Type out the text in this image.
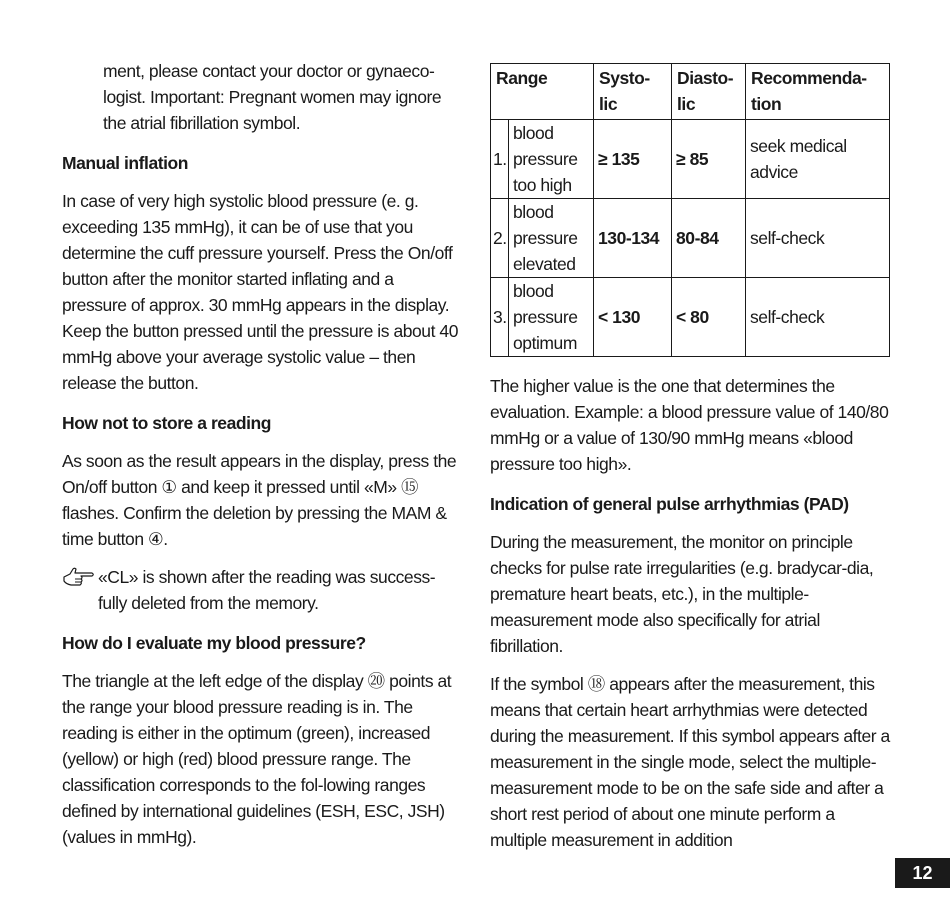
ment, please contact your doctor or gynaeco-logist. Important: Pregnant women may ignore the atrial fibrillation symbol.

Manual inflation

In case of very high systolic blood pressure (e. g. exceeding 135 mmHg), it can be of use that you determine the cuff pressure yourself. Press the On/off button after the monitor started inflating and a pressure of approx. 30 mmHg appears in the display. Keep the button pressed until the pressure is about 40 mmHg above your average systolic value – then release the button.

How not to store a reading

As soon as the result appears in the display, press the On/off button ① and keep it pressed until «M» ⑮ flashes. Confirm the deletion by pressing the MAM & time button ④.

«CL» is shown after the reading was success-fully deleted from the memory.

How do I evaluate my blood pressure?

The triangle at the left edge of the display ⑳ points at the range your blood pressure reading is in. The reading is either in the optimum (green), increased (yellow) or high (red) blood pressure range. The classification corresponds to the fol-lowing ranges defined by international guidelines (ESH, ESC, JSH) (values in mmHg).

Range		Systo-lic	Diasto-lic	Recommenda-tion
1.	blood pressure too high	≥ 135	≥ 85	seek medical advice
2.	blood pressure elevated	130-134	80-84	self-check
3.	blood pressure optimum	< 130	< 80	self-check

The higher value is the one that determines the evaluation. Example: a blood pressure value of 140/80 mmHg or a value of 130/90 mmHg means «blood pressure too high».

Indication of general pulse arrhythmias (PAD)

During the measurement, the monitor on principle checks for pulse rate irregularities (e.g. bradycar-dia, premature heart beats, etc.), in the multiple-measurement mode also specifically for atrial fibrillation.

If the symbol ⑱ appears after the measurement, this means that certain heart arrhythmias were detected during the measurement. If this symbol appears after a measurement in the single mode, select the multiple-measurement mode to be on the safe side and after a short rest period of about one minute perform a multiple measurement in addition

12
